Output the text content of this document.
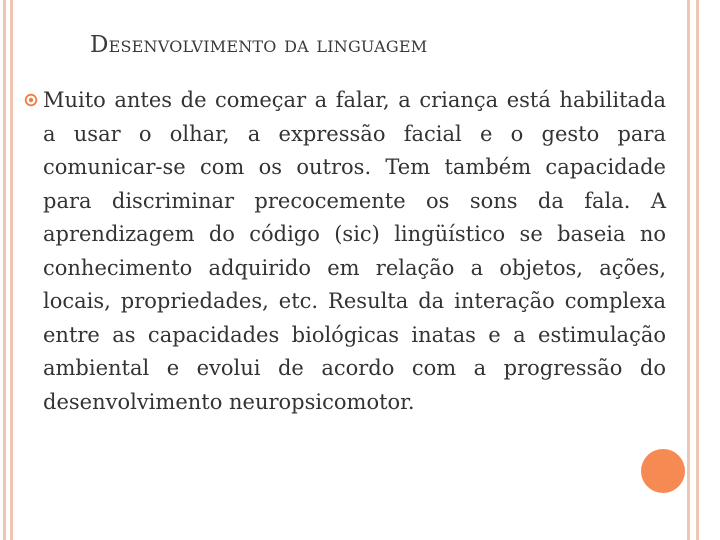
Desenvolvimento da linguagem

Muito antes de começar a falar, a criança está habilitada a usar o olhar, a expressão facial e o gesto para comunicar-se com os outros. Tem também capacidade para discriminar precocemente os sons da fala. A aprendizagem do código (sic) lingüístico se baseia no conhecimento adquirido em relação a objetos, ações, locais, propriedades, etc. Resulta da interação complexa entre as capacidades biológicas inatas e a estimulação ambiental e evolui de acordo com a progressão do desenvolvimento neuropsicomotor.
